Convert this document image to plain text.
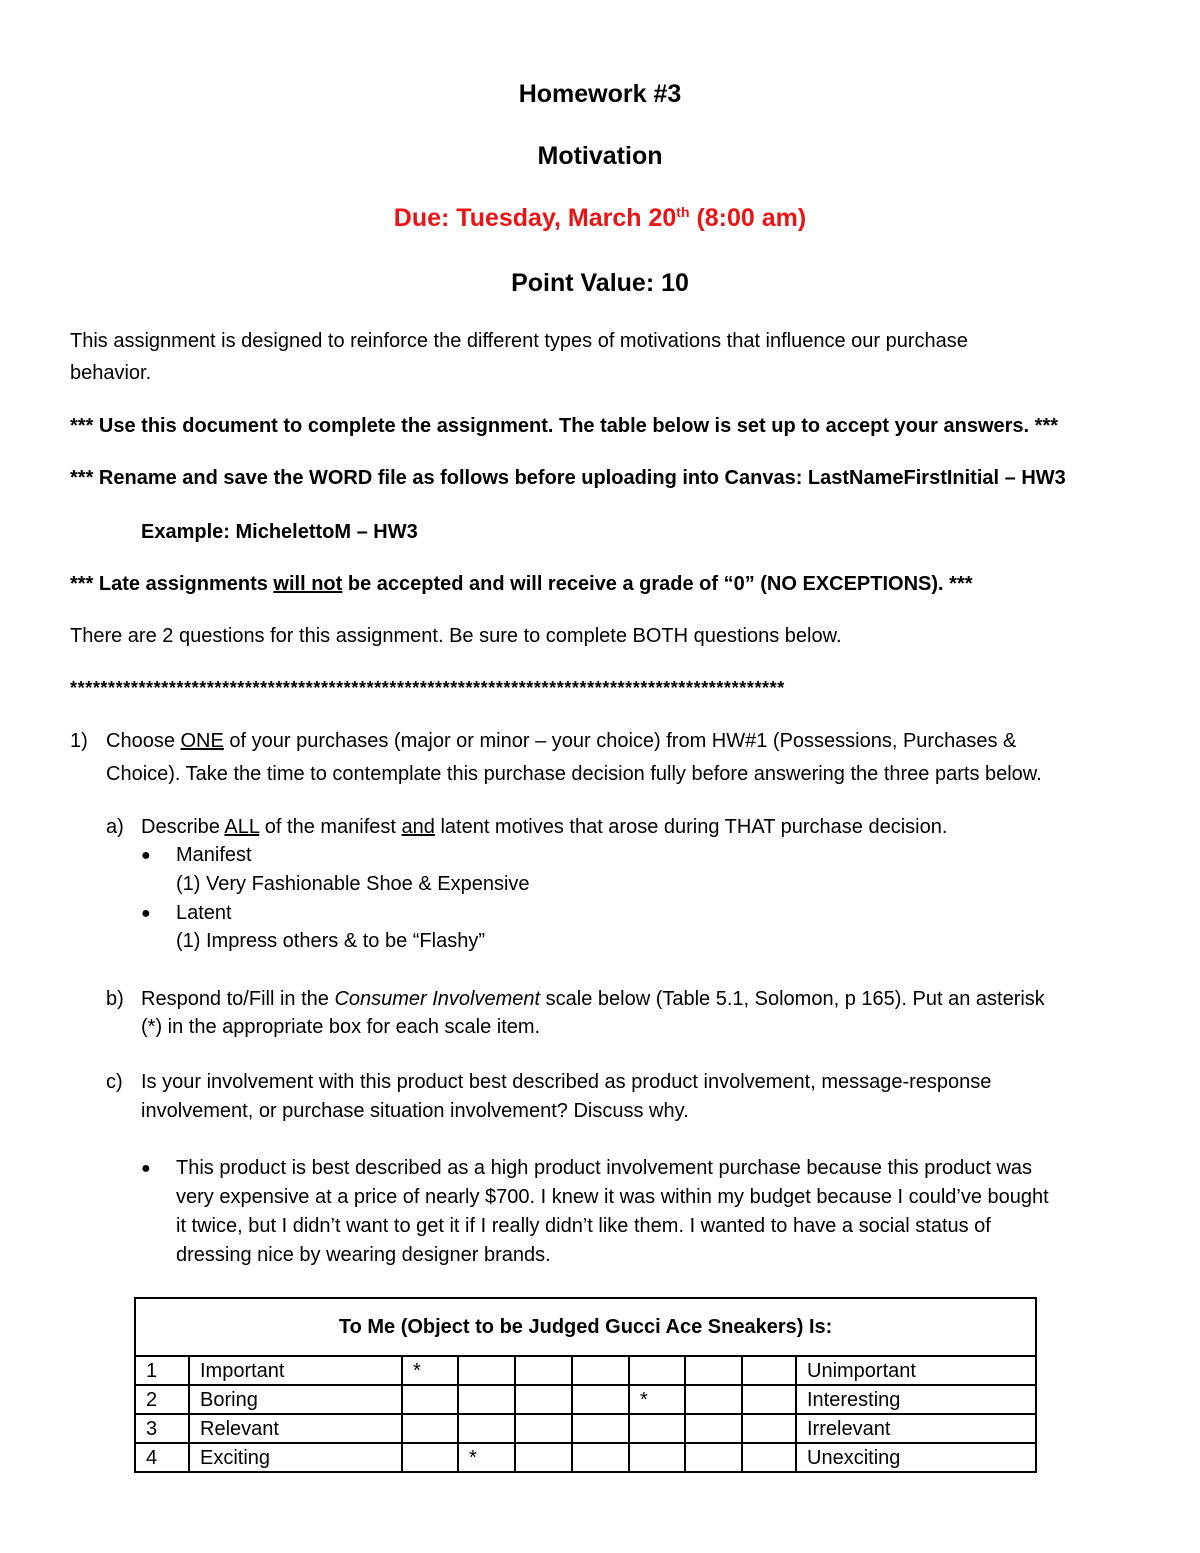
Homework #3
Motivation
Due: Tuesday, March 20th (8:00 am)
Point Value: 10
This assignment is designed to reinforce the different types of motivations that influence our purchase
behavior.
*** Use this document to complete the assignment. The table below is set up to accept your answers. ***
*** Rename and save the WORD file as follows before uploading into Canvas: LastNameFirstInitial – HW3
Example: MichelettoM – HW3
*** Late assignments will not be accepted and will receive a grade of “0” (NO EXCEPTIONS). ***
There are 2 questions for this assignment. Be sure to complete BOTH questions below.
**********************************************************************************************
1) Choose ONE of your purchases (major or minor – your choice) from HW#1 (Possessions, Purchases &
Choice). Take the time to contemplate this purchase decision fully before answering the three parts below.
a) Describe ALL of the manifest and latent motives that arose during THAT purchase decision.
● Manifest
(1) Very Fashionable Shoe & Expensive
● Latent
(1) Impress others & to be “Flashy”
b) Respond to/Fill in the Consumer Involvement scale below (Table 5.1, Solomon, p 165). Put an asterisk
(*) in the appropriate box for each scale item.
c) Is your involvement with this product best described as product involvement, message-response
involvement, or purchase situation involvement? Discuss why.
● This product is best described as a high product involvement purchase because this product was
very expensive at a price of nearly $700. I knew it was within my budget because I could’ve bought
it twice, but I didn’t want to get it if I really didn’t like them. I wanted to have a social status of
dressing nice by wearing designer brands.
To Me (Object to be Judged Gucci Ace Sneakers) Is:									
1	Important	*							Unimportant
2	Boring					*			Interesting
3	Relevant								Irrelevant
4	Exciting		*						Unexciting
